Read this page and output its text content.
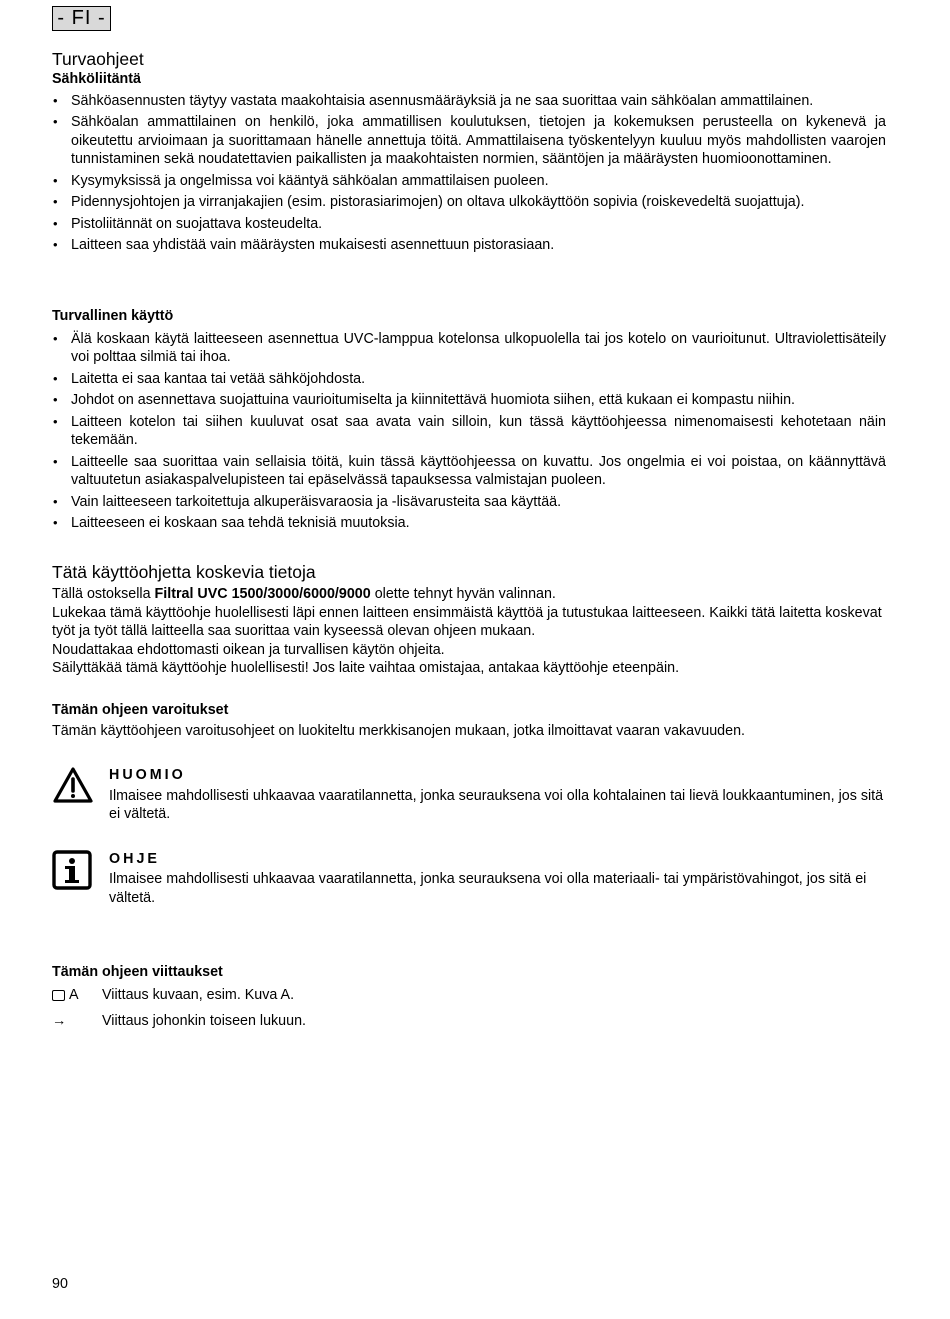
- FI -
Turvaohjeet
Sähköliitäntä
• Sähköasennusten täytyy vastata maakohtaisia asennusmääräyksiä ja ne saa suorittaa vain sähköalan ammattilainen.
• Sähköalan ammattilainen on henkilö, joka ammatillisen koulutuksen, tietojen ja kokemuksen perusteella on kykenevä ja oikeutettu arvioimaan ja suorittamaan hänelle annettuja töitä. Ammattilaisena työskentelyyn kuuluu myös mahdollisten vaarojen tunnistaminen sekä noudatettavien paikallisten ja maakohtaisten normien, sääntöjen ja määräysten huomioonottaminen.
• Kysymyksissä ja ongelmissa voi kääntyä sähköalan ammattilaisen puoleen.
• Pidennysjohtojen ja virranjakajien (esim. pistorasiarimojen) on oltava ulkokäyttöön sopivia (roiskevedeltä suojattuja).
• Pistoliitännät on suojattava kosteudelta.
• Laitteen saa yhdistää vain määräysten mukaisesti asennettuun pistorasiaan.
Turvallinen käyttö
• Älä koskaan käytä laitteeseen asennettua UVC-lamppua kotelonsa ulkopuolella tai jos kotelo on vaurioitunut. Ultraviolettisäteily voi polttaa silmiä tai ihoa.
• Laitetta ei saa kantaa tai vetää sähköjohdosta.
• Johdot on asennettava suojattuina vaurioitumiselta ja kiinnitettävä huomiota siihen, että kukaan ei kompastu niihin.
• Laitteen kotelon tai siihen kuuluvat osat saa avata vain silloin, kun tässä käyttöohjeessa nimenomaisesti kehotetaan näin tekemään.
• Laitteelle saa suorittaa vain sellaisia töitä, kuin tässä käyttöohjeessa on kuvattu. Jos ongelmia ei voi poistaa, on käännyttävä valtuutetun asiakaspalvelupisteen tai epäselvässä tapauksessa valmistajan puoleen.
• Vain laitteeseen tarkoitettuja alkuperäisvaraosia ja -lisävarusteita saa käyttää.
• Laitteeseen ei koskaan saa tehdä teknisiä muutoksia.
Tätä käyttöohjetta koskevia tietoja

Tällä ostoksella Filtral UVC 1500/3000/6000/9000 olette tehnyt hyvän valinnan.

Lukekaa tämä käyttöohje huolellisesti läpi ennen laitteen ensimmäistä käyttöä ja tutustukaa laitteeseen. Kaikki tätä laitetta koskevat työt ja työt tällä laitteella saa suorittaa vain kyseessä olevan ohjeen mukaan.

Noudattakaa ehdottomasti oikean ja turvallisen käytön ohjeita.

Säilyttäkää tämä käyttöohje huolellisesti! Jos laite vaihtaa omistajaa, antakaa käyttöohje eteenpäin.

Tämän ohjeen varoitukset

Tämän käyttöohjeen varoitusohjeet on luokiteltu merkkisanojen mukaan, jotka ilmoittavat vaaran vakavuuden.

HUOMIO

Ilmaisee mahdollisesti uhkaavaa vaaratilannetta, jonka seurauksena voi olla kohtalainen tai lievä loukkaantuminen, jos sitä ei vältetä.

OHJE

Ilmaisee mahdollisesti uhkaavaa vaaratilannetta, jonka seurauksena voi olla materiaali- tai ympäristövahingot, jos sitä ei vältetä.

Tämän ohjeen viittaukset
A Viittaus kuvaan, esim. Kuva A.
→	Viittaus johonkin toiseen lukuun.
90
